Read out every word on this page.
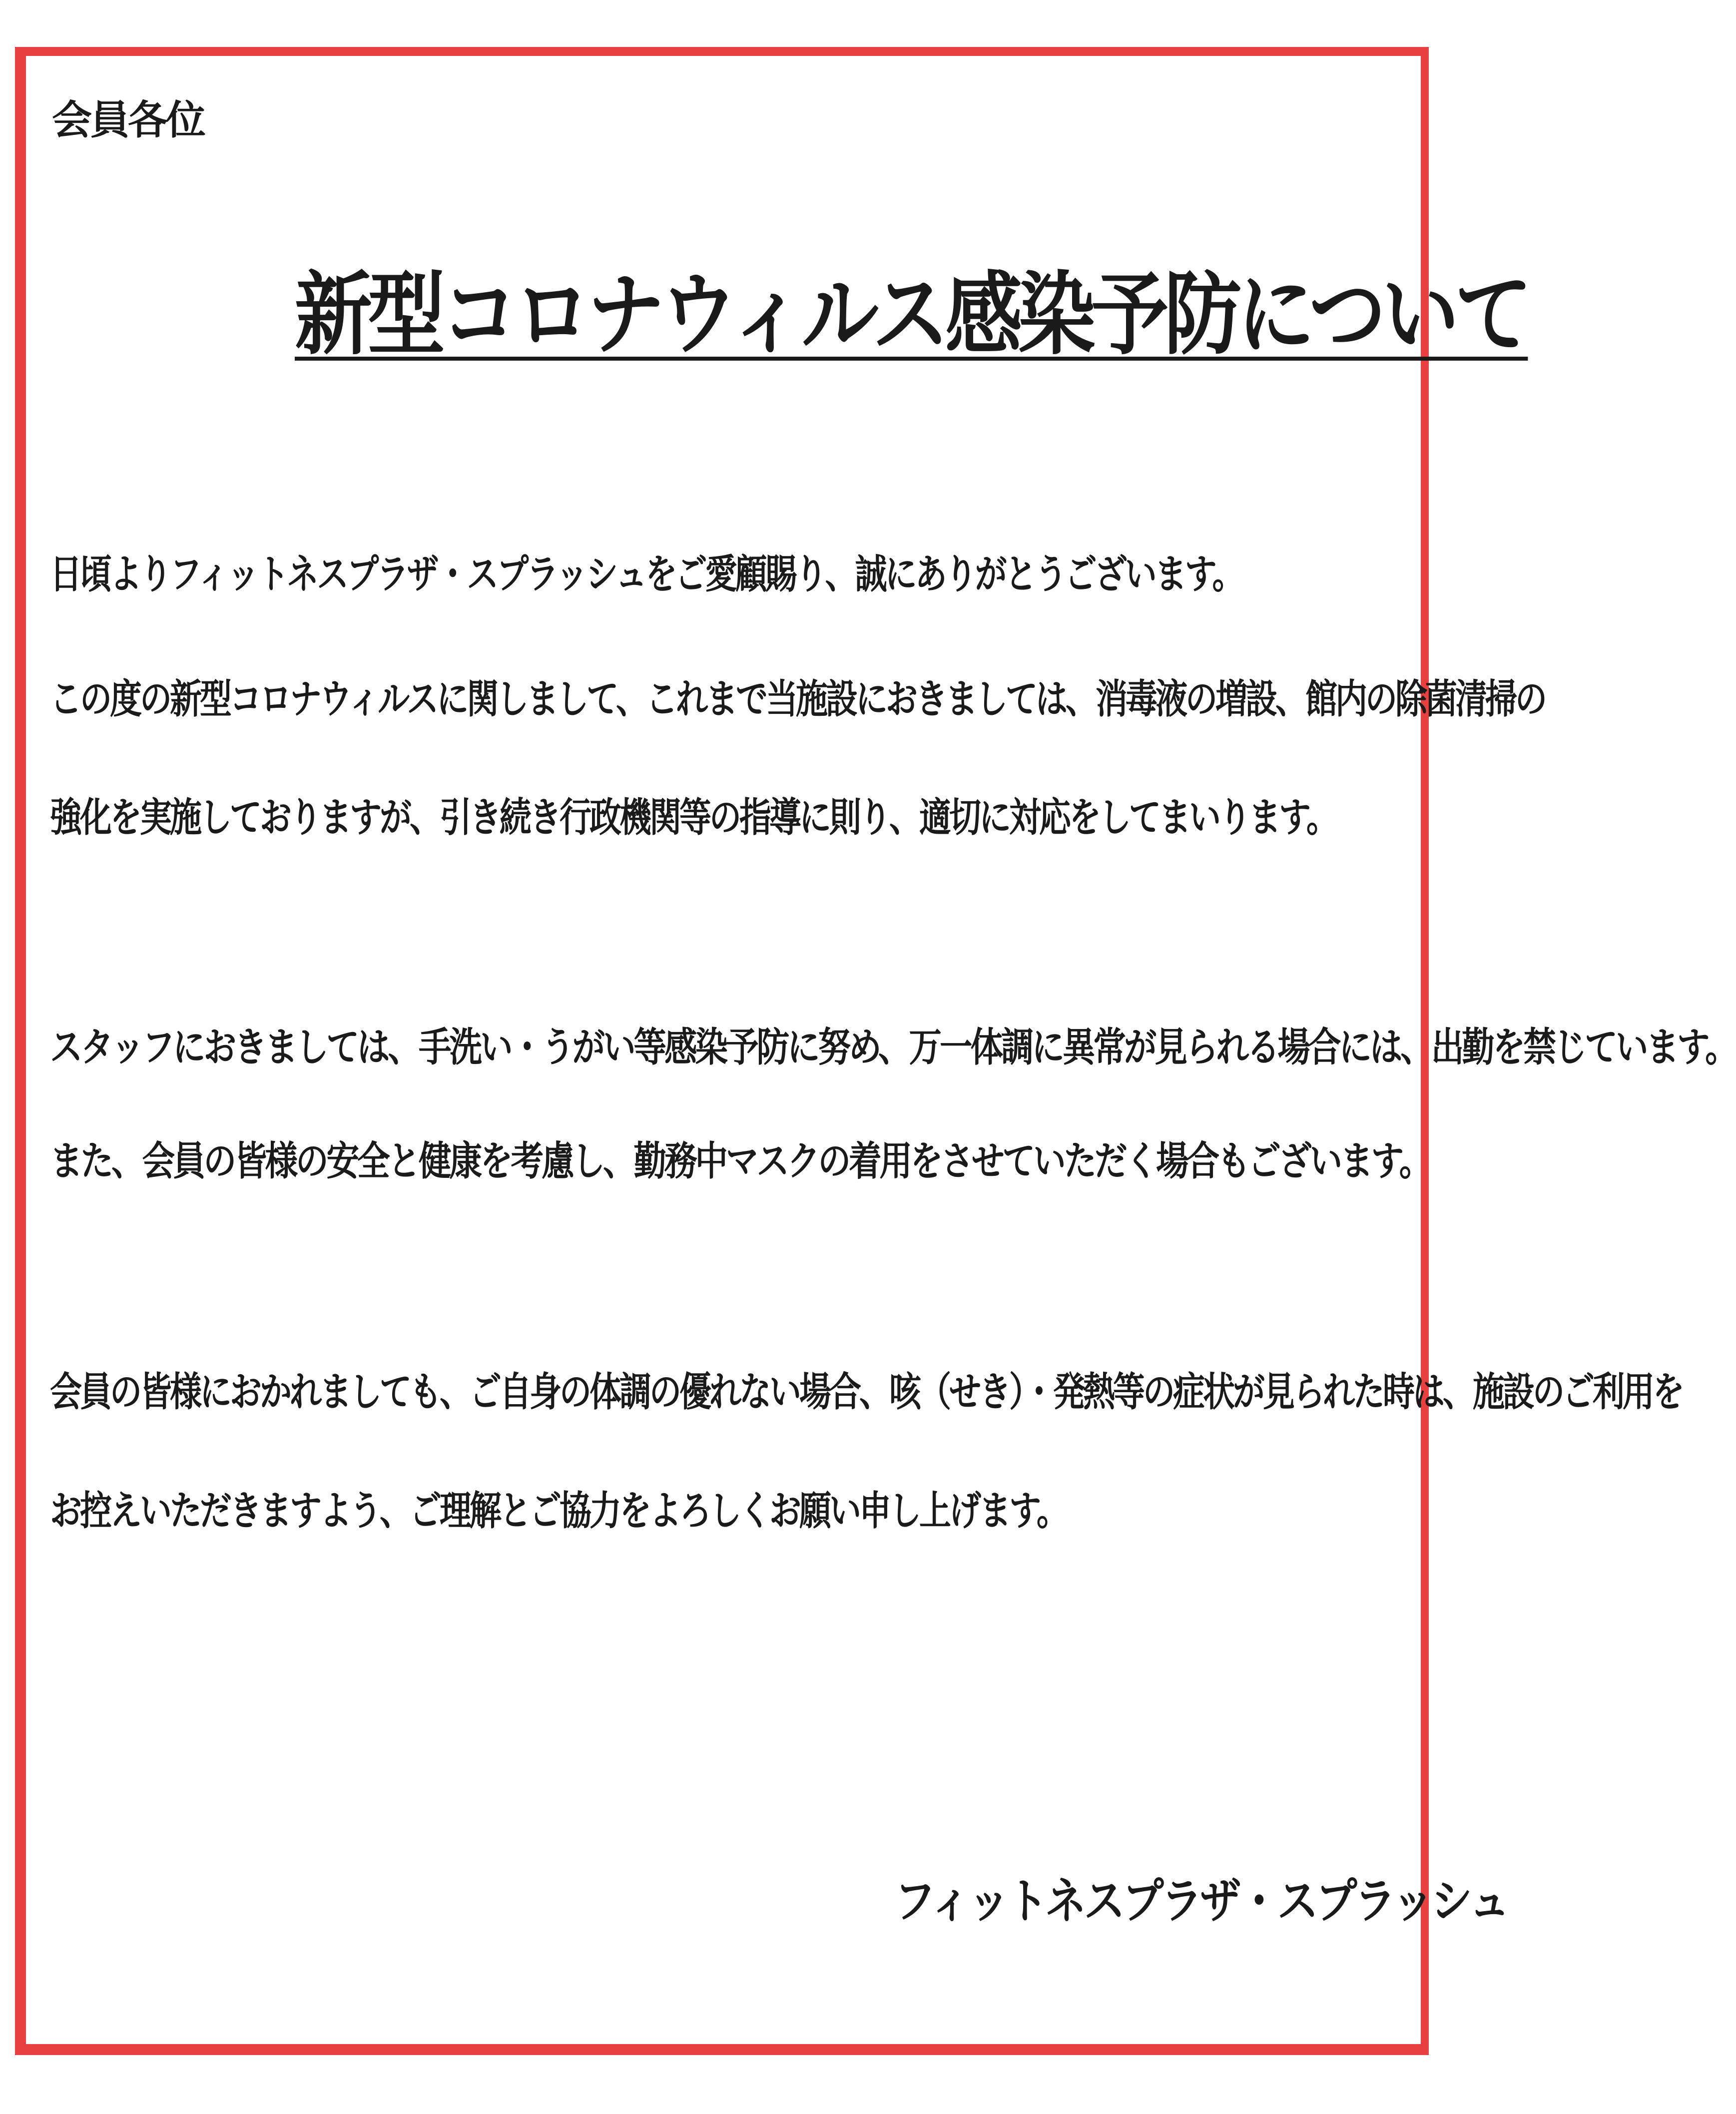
会員各位
新型コロナウィルス感染予防について
日頃よりフィットネスプラザ・スプラッシュをご愛顧賜り、誠にありがとうございます。
この度の新型コロナウィルスに関しまして、これまで当施設におきましては、消毒液の増設、館内の除菌清掃の
強化を実施しておりますが、引き続き行政機関等の指導に則り、適切に対応をしてまいります。
スタッフにおきましては、手洗い・うがい等感染予防に努め、万一体調に異常が見られる場合には、出勤を禁じています。
また、会員の皆様の安全と健康を考慮し、勤務中マスクの着用をさせていただく場合もございます。
会員の皆様におかれましても、ご自身の体調の優れない場合、咳（せき）・発熱等の症状が見られた時は、施設のご利用を
お控えいただきますよう、ご理解とご協力をよろしくお願い申し上げます。
フィットネスプラザ・スプラッシュ
